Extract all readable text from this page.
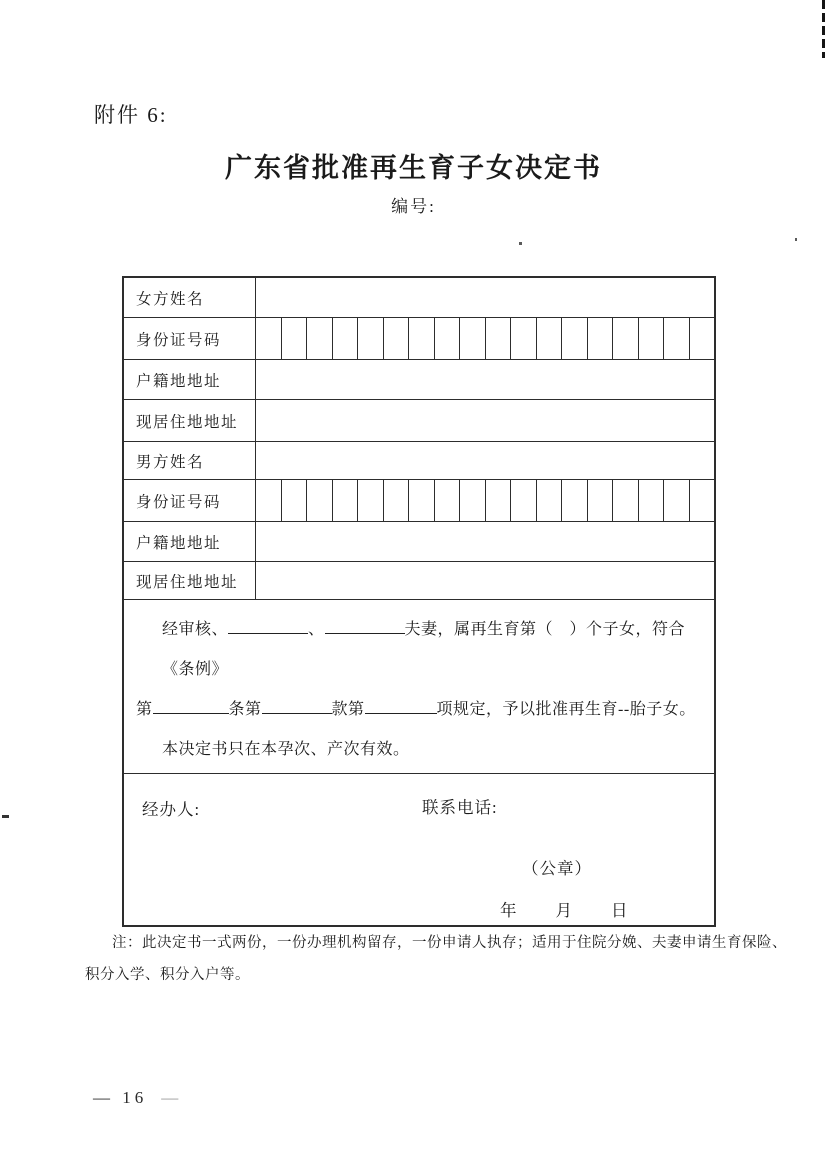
附件 6:
广东省批准再生育子女决定书
编号:
女方姓名
身份证号码
户籍地地址
现居住地地址
男方姓名
身份证号码
户籍地地址
现居住地地址
经审核、	、	夫妻，属再生育第（　）个子女，符合《条例》
第	条第	款第	项规定，予以批准再生育--胎子女。
本决定书只在本孕次、产次有效。
经办人:	联系电话:
（公章）
年　　月　　日
注：此决定书一式两份，一份办理机构留存，一份申请人执存；适用于住院分娩、夫妻申请生育保险、
积分入学、积分入户等。
— 16 —
